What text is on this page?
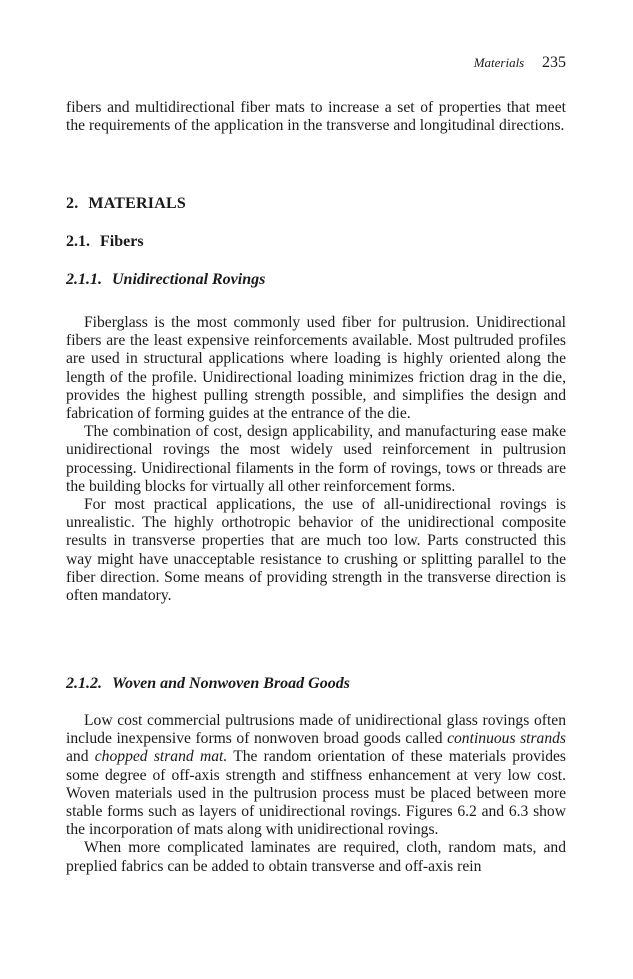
Materials 235

fibers and multidirectional fiber mats to increase a set of properties that meet the requirements of the application in the transverse and longitudinal directions.

2. MATERIALS
2.1. Fibers
2.1.1. Unidirectional Rovings

Fiberglass is the most commonly used fiber for pultrusion. Unidirectional fibers are the least expensive reinforcements available. Most pultruded profiles are used in structural applications where loading is highly oriented along the length of the profile. Unidirectional loading minimizes friction drag in the die, provides the highest pulling strength possible, and simplifies the design and fabrication of forming guides at the entrance of the die.

The combination of cost, design applicability, and manufacturing ease make unidirectional rovings the most widely used reinforcement in pultrusion processing. Unidirectional filaments in the form of rovings, tows or threads are the building blocks for virtually all other reinforcement forms.

For most practical applications, the use of all-unidirectional rovings is unrealistic. The highly orthotropic behavior of the unidirectional composite results in transverse properties that are much too low. Parts constructed this way might have unacceptable resistance to crushing or splitting parallel to the fiber direction. Some means of providing strength in the transverse direction is often mandatory.

2.1.2. Woven and Nonwoven Broad Goods

Low cost commercial pultrusions made of unidirectional glass rovings often include inexpensive forms of nonwoven broad goods called continuous strands and chopped strand mat. The random orientation of these materials provides some degree of off-axis strength and stiffness enhancement at very low cost. Woven materials used in the pultrusion process must be placed between more stable forms such as layers of unidirectional rovings. Figures 6.2 and 6.3 show the incorporation of mats along with unidirectional rovings.

When more complicated laminates are required, cloth, random mats, and preplied fabrics can be added to obtain transverse and off-axis rein
